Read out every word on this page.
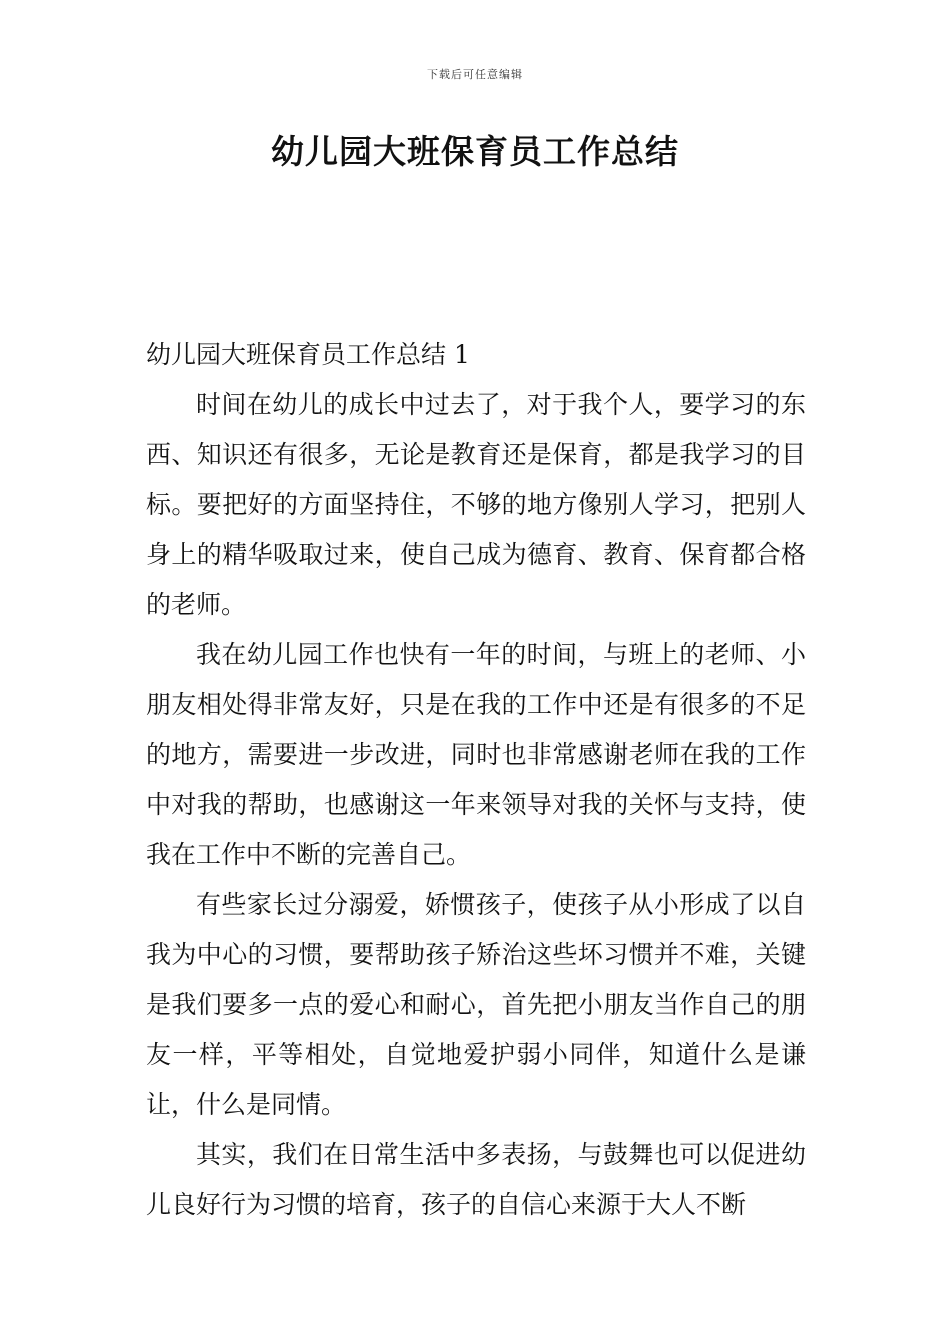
下载后可任意编辑
幼儿园大班保育员工作总结
幼儿园大班保育员工作总结 1

时间在幼儿的成长中过去了，对于我个人，要学习的东西、知识还有很多，无论是教育还是保育，都是我学习的目标。要把好的方面坚持住，不够的地方像别人学习，把别人身上的精华吸取过来，使自己成为德育、教育、保育都合格的老师。

我在幼儿园工作也快有一年的时间，与班上的老师、小朋友相处得非常友好，只是在我的工作中还是有很多的不足的地方，需要进一步改进，同时也非常感谢老师在我的工作中对我的帮助，也感谢这一年来领导对我的关怀与支持，使我在工作中不断的完善自己。

有些家长过分溺爱，娇惯孩子，使孩子从小形成了以自我为中心的习惯，要帮助孩子矫治这些坏习惯并不难，关键是我们要多一点的爱心和耐心，首先把小朋友当作自己的朋友一样，平等相处，自觉地爱护弱小同伴，知道什么是谦让，什么是同情。

其实，我们在日常生活中多表扬，与鼓舞也可以促进幼儿良好行为习惯的培育，孩子的自信心来源于大人不断
